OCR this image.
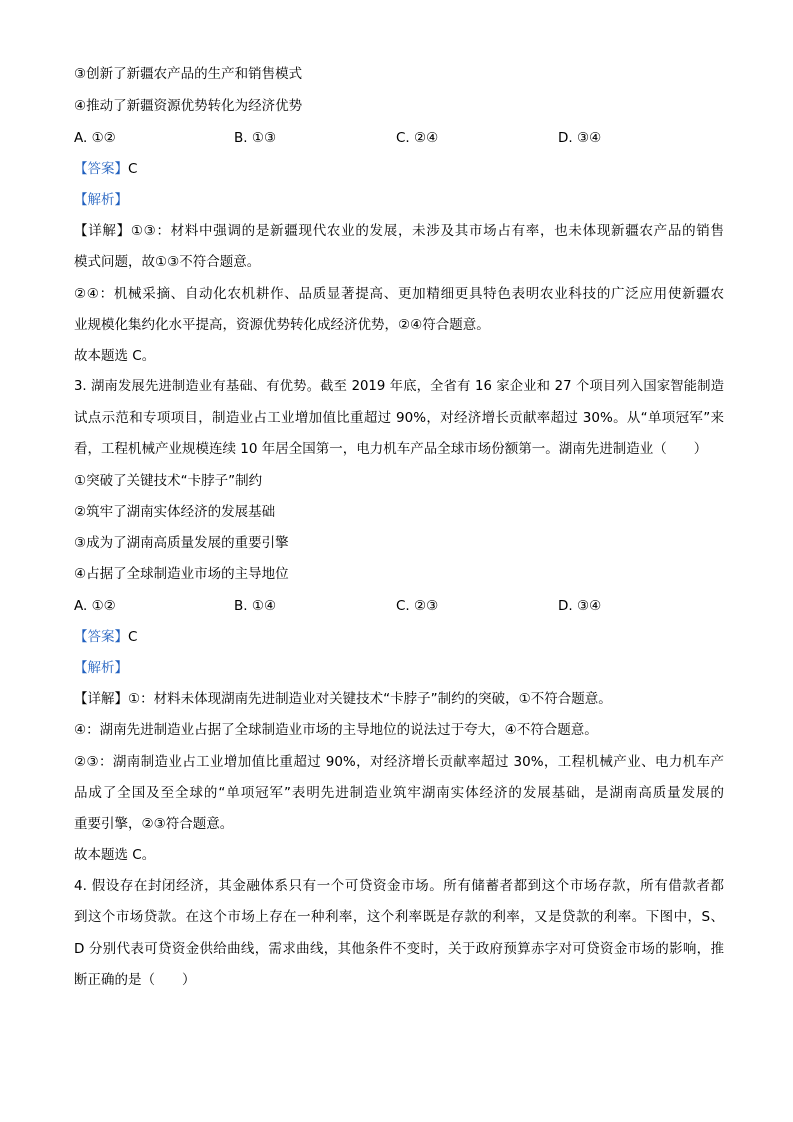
③创新了新疆农产品的生产和销售模式
④推动了新疆资源优势转化为经济优势
A. ①②	B. ①③	C. ②④	D. ③④
【答案】C
【解析】
【详解】①③：材料中强调的是新疆现代农业的发展，未涉及其市场占有率，也未体现新疆农产品的销售
模式问题，故①③不符合题意。
②④：机械采摘、自动化农机耕作、品质显著提高、更加精细更具特色表明农业科技的广泛应用使新疆农
业规模化集约化水平提高，资源优势转化成经济优势，②④符合题意。
故本题选 C。
3. 湖南发展先进制造业有基础、有优势。截至 2019 年底，全省有 16 家企业和 27 个项目列入国家智能制造
试点示范和专项项目，制造业占工业增加值比重超过 90%，对经济增长贡献率超过 30%。从“单项冠军”来
看，工程机械产业规模连续 10 年居全国第一，电力机车产品全球市场份额第一。湖南先进制造业（　　）
①突破了关键技术“卡脖子”制约
②筑牢了湖南实体经济的发展基础
③成为了湖南高质量发展的重要引擎
④占据了全球制造业市场的主导地位
A. ①②	B. ①④	C. ②③	D. ③④
【答案】C
【解析】
【详解】①：材料未体现湖南先进制造业对关键技术“卡脖子”制约的突破，①不符合题意。
④：湖南先进制造业占据了全球制造业市场的主导地位的说法过于夸大，④不符合题意。
②③：湖南制造业占工业增加值比重超过 90%，对经济增长贡献率超过 30%，工程机械产业、电力机车产
品成了全国及至全球的“单项冠军”表明先进制造业筑牢湖南实体经济的发展基础，是湖南高质量发展的
重要引擎，②③符合题意。
故本题选 C。
4. 假设存在封闭经济，其金融体系只有一个可贷资金市场。所有储蓄者都到这个市场存款，所有借款者都
到这个市场贷款。在这个市场上存在一种利率，这个利率既是存款的利率，又是贷款的利率。下图中，S、
D 分别代表可贷资金供给曲线，需求曲线，其他条件不变时，关于政府预算赤字对可贷资金市场的影响，推
断正确的是（　　）
